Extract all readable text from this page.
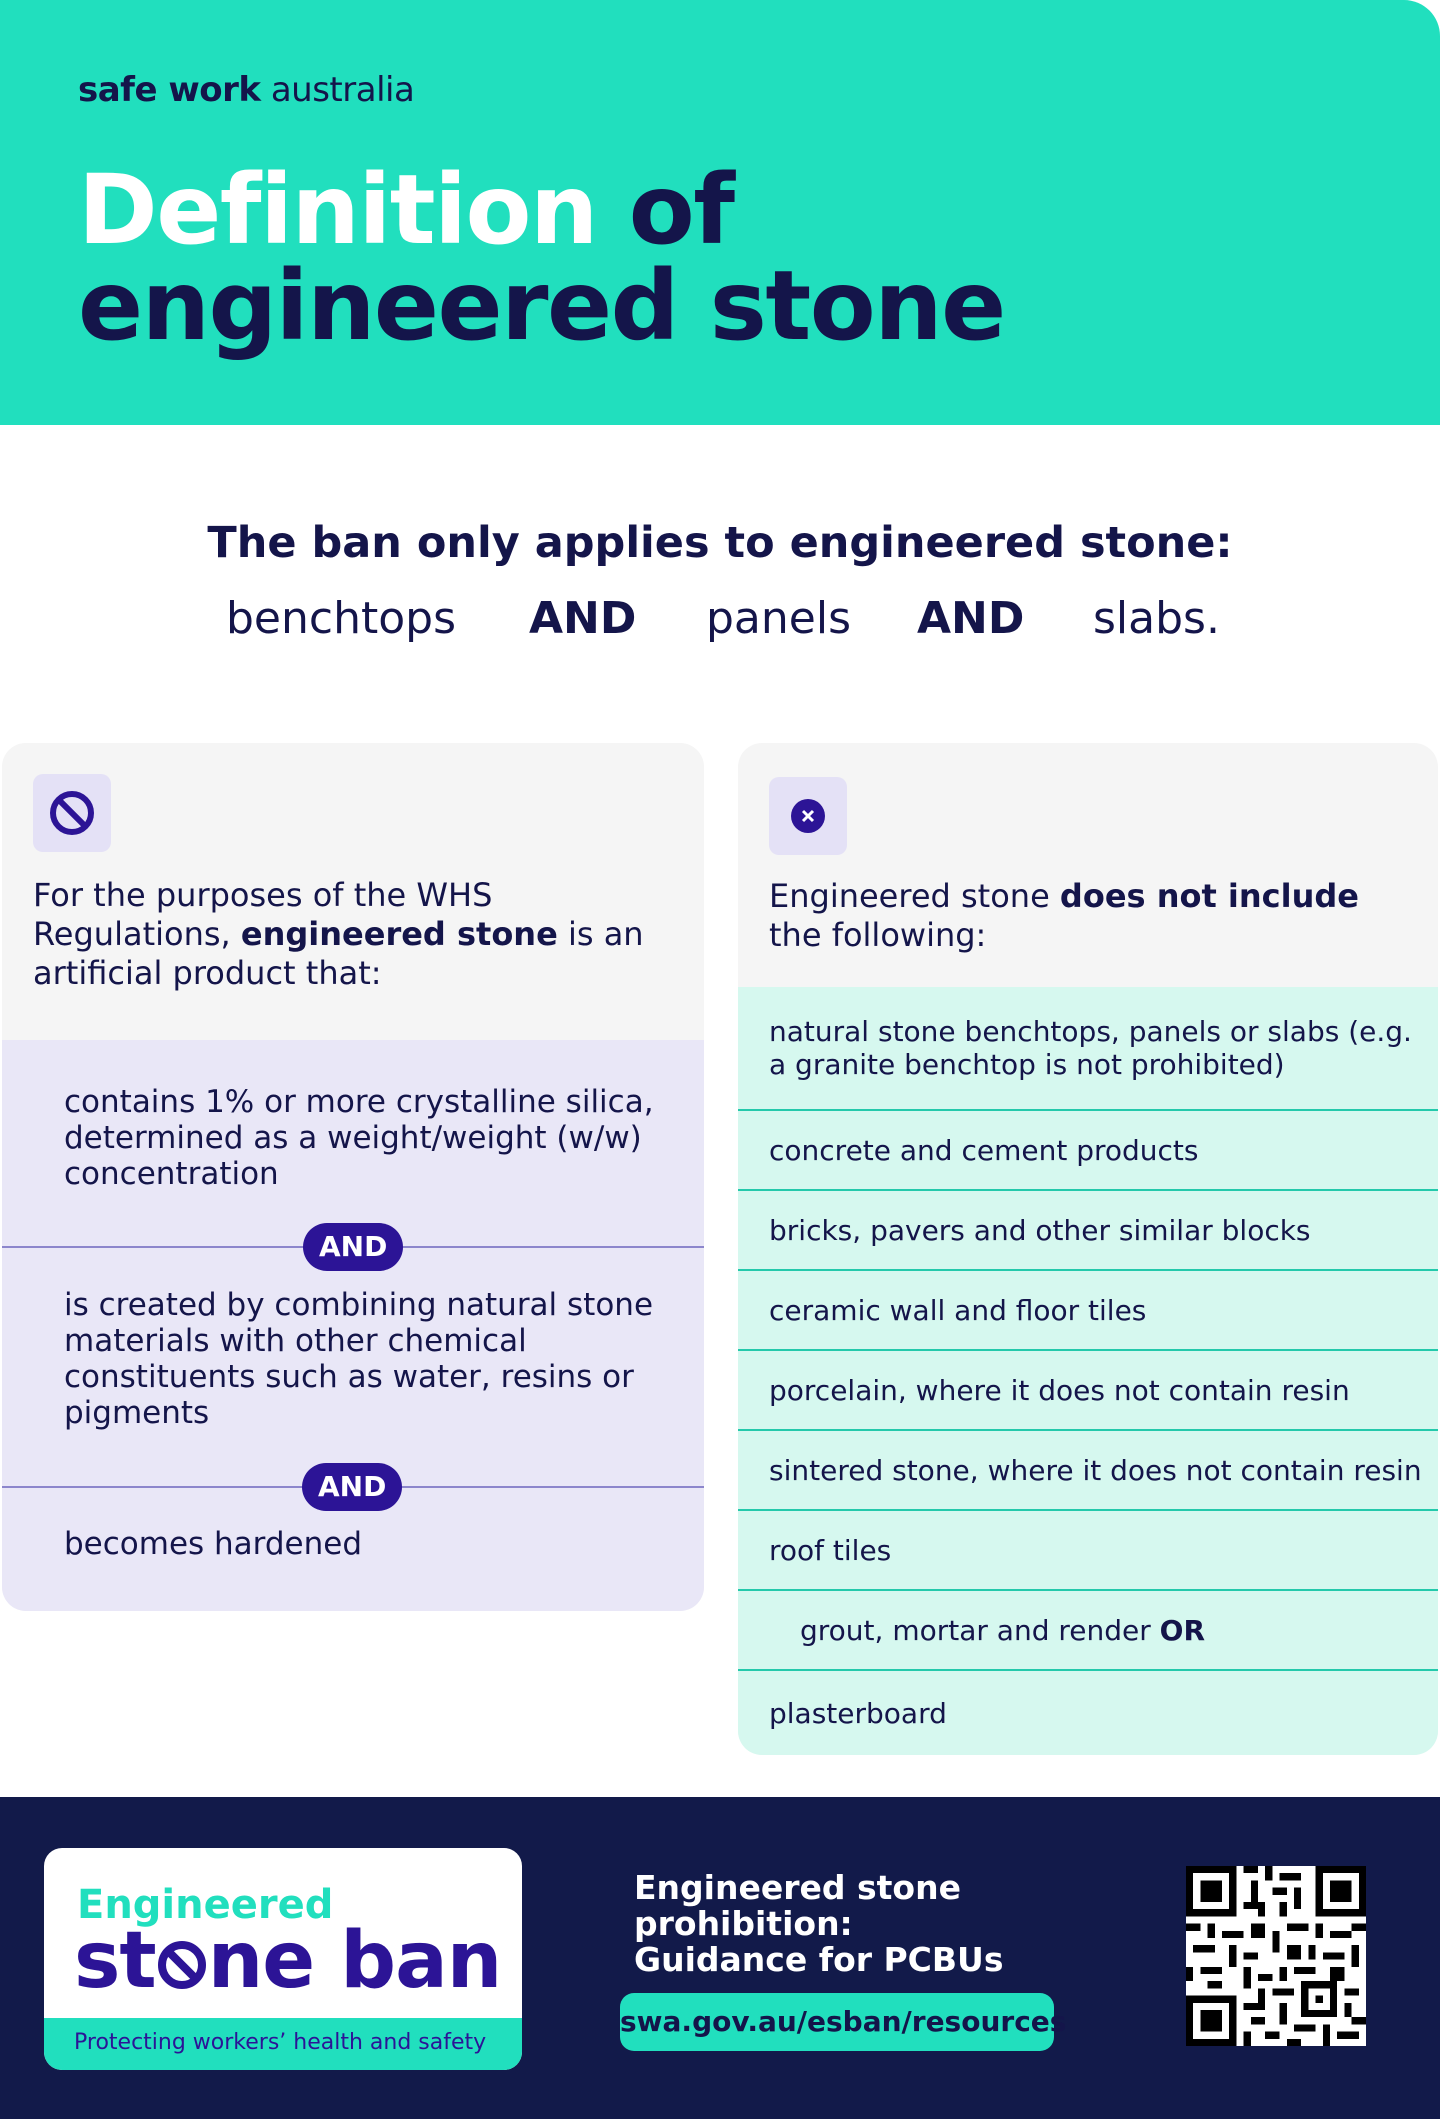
safe work australia
Definition of
engineered stone
The ban only applies to engineered stone:
benchtops AND panels AND slabs.
For the purposes of the WHS Regulations, engineered stone is an artificial product that:
contains 1% or more crystalline silica, determined as a weight/weight (w/w) concentration
AND
is created by combining natural stone materials with other chemical constituents such as water, resins or pigments
AND
becomes hardened
Engineered stone does not include the following:
natural stone benchtops, panels or slabs (e.g. a granite benchtop is not prohibited)
concrete and cement products
bricks, pavers and other similar blocks
ceramic wall and floor tiles
porcelain, where it does not contain resin
sintered stone, where it does not contain resin
roof tiles
grout, mortar and render OR
plasterboard
Engineered
st ne ban
Protecting workers’ health and safety
Engineered stone
prohibition:
Guidance for PCBUs
swa.gov.au/esban/resources
